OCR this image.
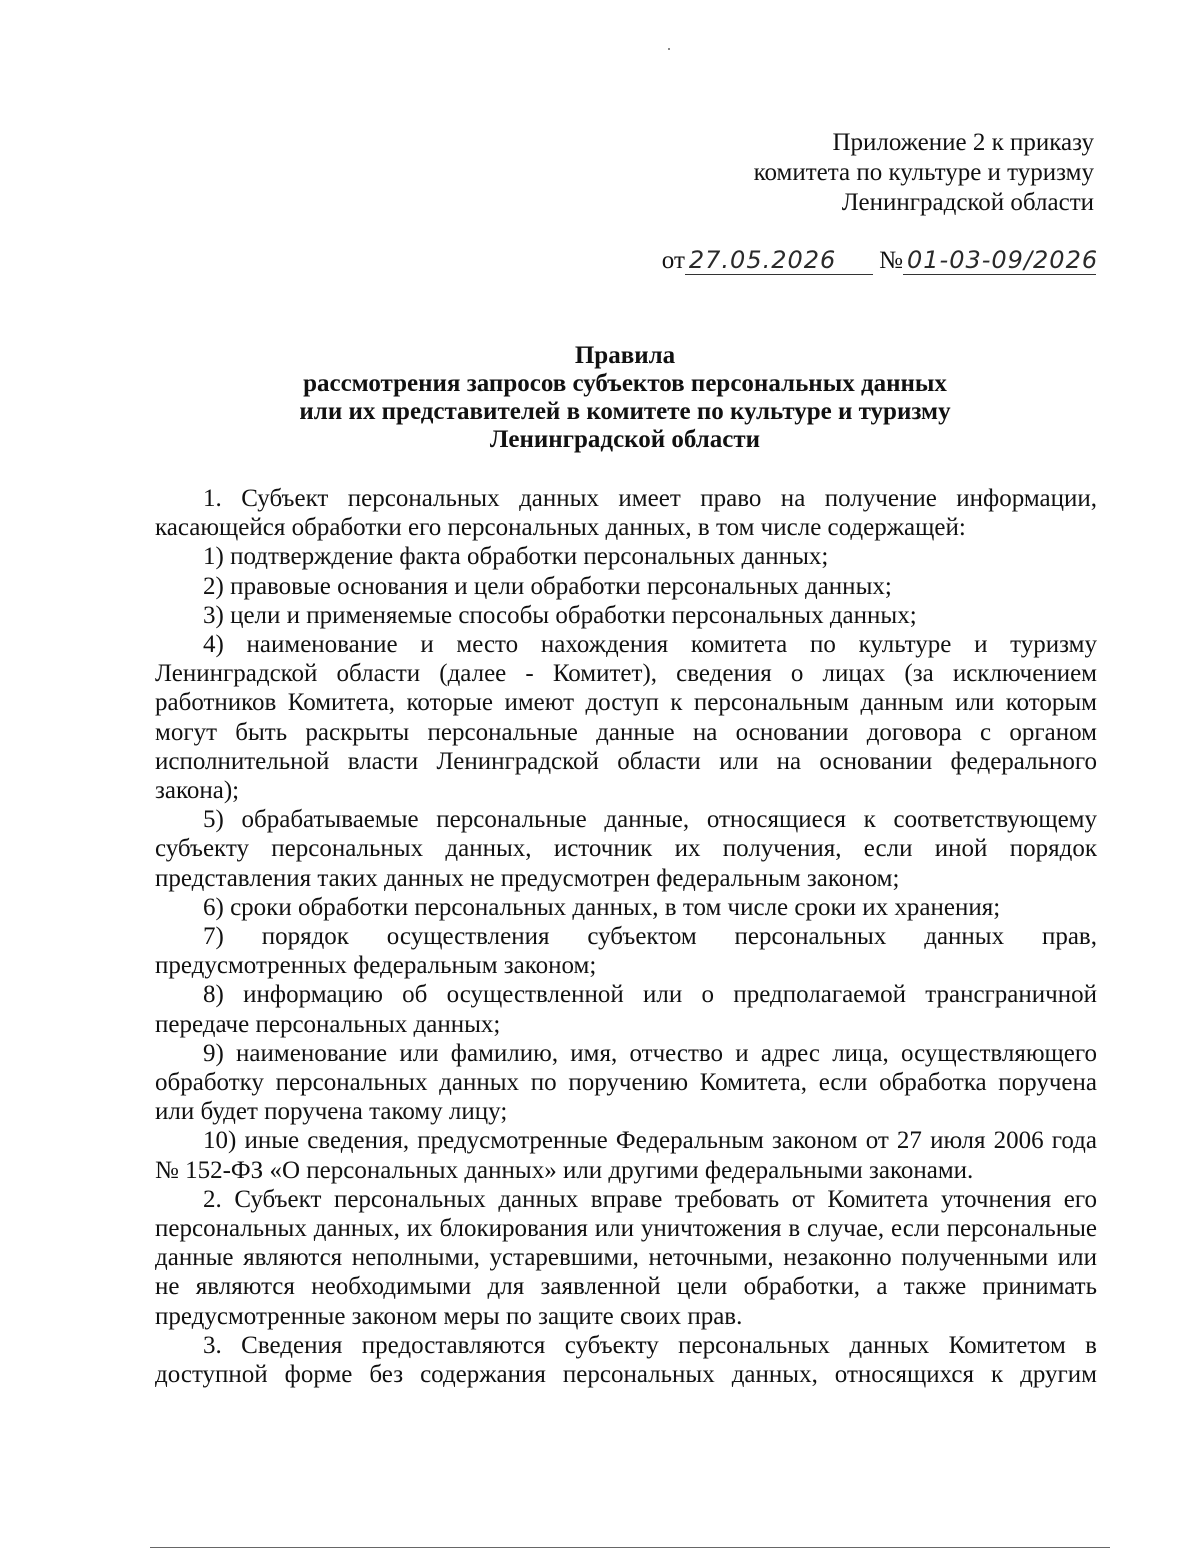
Приложение 2 к приказу
комитета по культуре и туризму
Ленинградской области
от 27.05.2026 № 01-03-09/2026
Правила
рассмотрения запросов субъектов персональных данных
или их представителей в комитете по культуре и туризму
Ленинградской области

1. Субъект персональных данных имеет право на получение информации, касающейся обработки его персональных данных, в том числе содержащей:

1) подтверждение факта обработки персональных данных;

2) правовые основания и цели обработки персональных данных;

3) цели и применяемые способы обработки персональных данных;

4) наименование и место нахождения комитета по культуре и туризму Ленинградской области (далее - Комитет), сведения о лицах (за исключением работников Комитета, которые имеют доступ к персональным данным или которым могут быть раскрыты персональные данные на основании договора с органом исполнительной власти Ленинградской области или на основании федерального закона);

5) обрабатываемые персональные данные, относящиеся к соответствующему субъекту персональных данных, источник их получения, если иной порядок представления таких данных не предусмотрен федеральным законом;

6) сроки обработки персональных данных, в том числе сроки их хранения;

7) порядок осуществления субъектом персональных данных прав, предусмотренных федеральным законом;

8) информацию об осуществленной или о предполагаемой трансграничной передаче персональных данных;

9) наименование или фамилию, имя, отчество и адрес лица, осуществляющего обработку персональных данных по поручению Комитета, если обработка поручена или будет поручена такому лицу;

10) иные сведения, предусмотренные Федеральным законом от 27 июля 2006 года № 152-ФЗ «О персональных данных» или другими федеральными законами.

2. Субъект персональных данных вправе требовать от Комитета уточнения его персональных данных, их блокирования или уничтожения в случае, если персональные данные являются неполными, устаревшими, неточными, незаконно полученными или не являются необходимыми для заявленной цели обработки, а также принимать предусмотренные законом меры по защите своих прав.

3. Сведения предоставляются субъекту персональных данных Комитетом в доступной форме без содержания персональных данных, относящихся к другим
